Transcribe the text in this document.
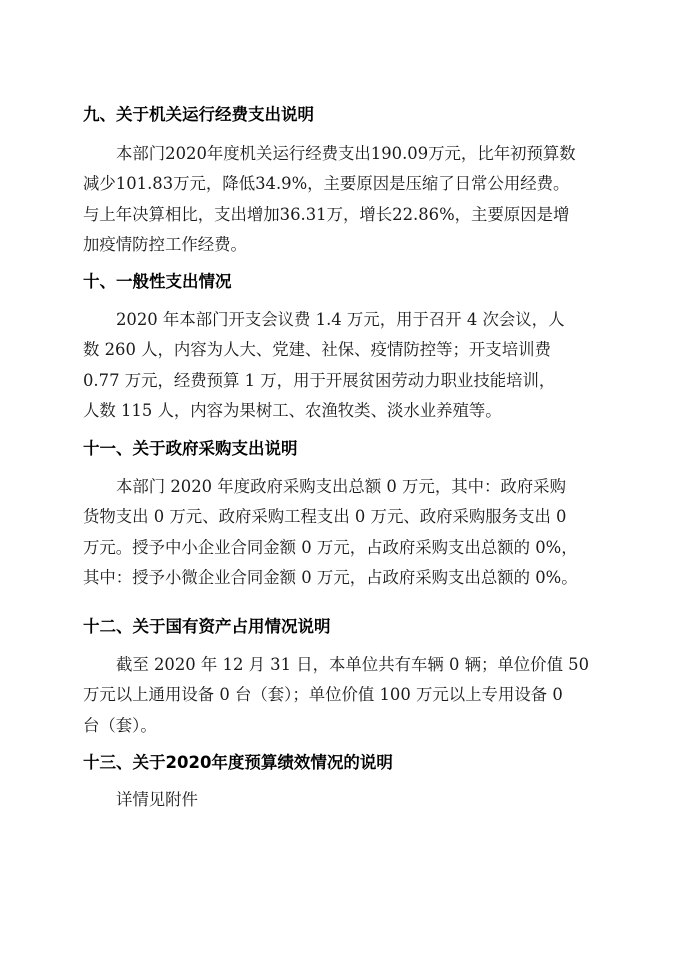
九、关于机关运行经费支出说明
本部门2020年度机关运行经费支出190.09万元，比年初预算数
减少101.83万元，降低34.9%，主要原因是压缩了日常公用经费。
与上年决算相比，支出增加36.31万，增长22.86%，主要原因是增
加疫情防控工作经费。
十、一般性支出情况
2020 年本部门开支会议费 1.4 万元，用于召开 4 次会议，人
数 260 人，内容为人大、党建、社保、疫情防控等；开支培训费
0.77 万元，经费预算 1 万，用于开展贫困劳动力职业技能培训，
人数 115 人，内容为果树工、农渔牧类、淡水业养殖等。
十一、关于政府采购支出说明
本部门 2020 年度政府采购支出总额 0 万元，其中：政府采购
货物支出 0 万元、政府采购工程支出 0 万元、政府采购服务支出 0
万元。授予中小企业合同金额 0 万元，占政府采购支出总额的 0%，
其中：授予小微企业合同金额 0 万元，占政府采购支出总额的 0%。
十二、关于国有资产占用情况说明
截至 2020 年 12 月 31 日，本单位共有车辆 0 辆；单位价值 50
万元以上通用设备 0 台（套）；单位价值 100 万元以上专用设备 0
台（套）。
十三、关于2020年度预算绩效情况的说明
详情见附件
